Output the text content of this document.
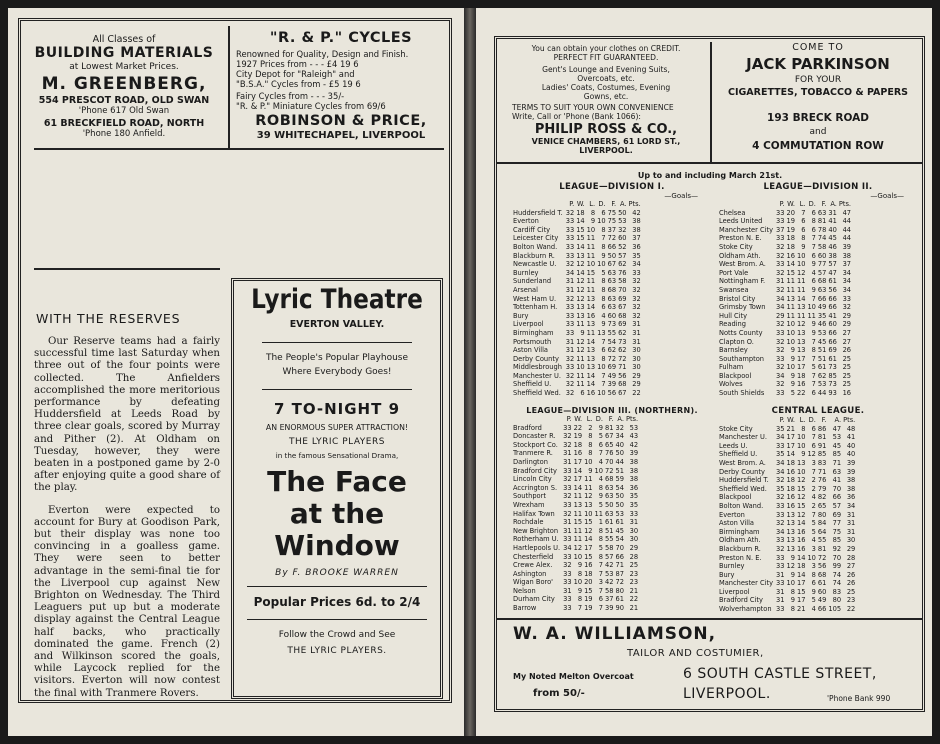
All Classes of
BUILDING MATERIALS
at Lowest Market Prices.
M. GREENBERG,
554 PRESCOT ROAD, OLD SWAN
'Phone 617 Old Swan
61 BRECKFIELD ROAD, NORTH
'Phone 180 Anfield.
"R. & P." CYCLES
Renowned for Quality, Design and Finish.
1927 Prices from - - - £4 19 6
City Depot for "Raleigh" and
"B.S.A." Cycles from - £5 19 6
Fairy Cycles from - - - 35/-
"R. & P." Miniature Cycles from 69/6
ROBINSON & PRICE,
39 WHITECHAPEL, LIVERPOOL
WITH THE RESERVES

Our Reserve teams had a fairly successful time last Saturday when three out of the four points were collected. The Anfielders accomplished the more meritorious performance by defeating Huddersfield at Leeds Road by three clear goals, scored by Murray and Pither (2). At Oldham on Tuesday, however, they were beaten in a postponed game by 2-0 after enjoying quite a good share of the play.

Everton were expected to account for Bury at Goodison Park, but their display was none too convincing in a goalless game. They were seen to better advantage in the semi-final tie for the Liverpool cup against New Brighton on Wednesday. The Third Leaguers put up but a moderate display against the Central League half backs, who practically dominated the game. French (2) and Wilkinson scored the goals, while Laycock replied for the visitors. Everton will now contest the final with Tranmere Rovers.

Lyric Theatre
EVERTON VALLEY.
The People's Popular Playhouse
Where Everybody Goes!
7 TO-NIGHT 9
AN ENORMOUS SUPER ATTRACTION!
THE LYRIC PLAYERS
in the famous Sensational Drama,
The Face
at the
Window
By F. BROOKE WARREN
Popular Prices 6d. to 2/4
Follow the Crowd and See
THE LYRIC PLAYERS.
You can obtain your clothes on CREDIT.
PERFECT FIT GUARANTEED.
Gent's Lounge and Evening Suits,
Overcoats, etc.
Ladies' Coats, Costumes, Evening
Gowns, etc.
TERMS TO SUIT YOUR OWN CONVENIENCE
Write, Call or 'Phone (Bank 1066):
PHILIP ROSS & CO.,
VENICE CHAMBERS, 61 LORD ST.,
LIVERPOOL.
COME TO
JACK PARKINSON
FOR YOUR
CIGARETTES, TOBACCO & PAPERS
193 BRECK ROAD
and
4 COMMUTATION ROW
Up to and including March 21st.
LEAGUE—DIVISION I.
—Goals—
	P.	W.	L.	D.	F.	A.	Pts.
Huddersfield T.	32	18	8	6	75	50	42
Everton	33	14	9	10	75	53	38
Cardiff City	33	15	10	8	37	32	38
Leicester City	33	15	11	7	72	60	37
Bolton Wand.	33	14	11	8	66	52	36
Blackburn R.	33	13	11	9	50	57	35
Newcastle U.	32	12	10	10	67	62	34
Burnley	34	14	15	5	63	76	33
Sunderland	31	12	11	8	63	58	32
Arsenal	31	12	11	8	68	70	32
West Ham U.	32	12	13	8	63	69	32
Tottenham H.	33	13	14	6	63	67	32
Bury	33	13	16	4	60	68	32
Liverpool	33	11	13	9	73	69	31
Birmingham	33	9	11	13	55	62	31
Portsmouth	31	12	14	7	54	73	31
Aston Villa	31	12	13	6	62	62	30
Derby County	32	11	13	8	72	72	30
Middlesbrough	33	10	13	10	69	71	30
Manchester U.	32	11	14	7	49	56	29
Sheffield U.	32	11	14	7	39	68	29
Sheffield Wed.	32	6	16	10	56	67	22
LEAGUE—DIVISION II.
—Goals—
	P.	W.	L.	D.	F.	A.	Pts.
Chelsea	33	20	7	6	63	31	47
Leeds United	33	19	6	8	81	41	44
Manchester City	37	19	6	6	78	40	44
Preston N. E.	33	18	8	7	74	45	44
Stoke City	32	18	9	7	58	46	39
Oldham Ath.	32	16	10	6	60	38	38
West Brom. A.	33	14	10	9	77	57	37
Port Vale	32	15	12	4	57	47	34
Nottingham F.	31	11	11	6	68	61	34
Swansea	32	11	11	9	63	56	34
Bristol City	34	13	14	7	66	66	33
Grimsby Town	34	11	13	10	49	66	32
Hull City	29	11	11	11	35	41	29
Reading	32	10	12	9	46	60	29
Notts County	33	10	13	9	53	66	27
Clapton O.	32	10	13	7	45	66	27
Barnsley	32	9	13	8	51	69	26
Southampton	33	9	17	7	51	61	25
Fulham	32	10	17	5	61	73	25
Blackpool	34	9	18	7	62	85	25
Wolves	32	9	16	7	53	73	25
South Shields	33	5	22	6	44	93	16
LEAGUE—DIVISION III. (NORTHERN).
	P.	W.	L.	D.	F.	A.	Pts.
Bradford	33	22	2	9	81	32	53
Doncaster R.	32	19	8	5	67	34	43
Stockport Co.	32	18	8	6	65	40	42
Tranmere R.	31	16	8	7	76	50	39
Darlington	31	17	10	4	70	44	38
Bradford City	33	14	9	10	72	51	38
Lincoln City	32	17	11	4	68	59	38
Accrington S.	33	14	11	8	63	54	36
Southport	32	11	12	9	63	50	35
Wrexham	33	13	13	5	50	50	35
Halifax Town	32	11	10	11	63	53	33
Rochdale	31	15	15	1	61	61	31
New Brighton	31	11	12	8	51	45	30
Rotherham U.	33	11	14	8	55	54	30
Hartlepools U.	34	12	17	5	58	70	29
Chesterfield	33	10	15	8	57	66	28
Crewe Alex.	32	9	16	7	42	71	25
Ashington	33	8	18	7	53	87	23
Wigan Boro'	33	10	20	3	42	72	23
Nelson	31	9	15	7	58	80	21
Durham City	33	8	19	6	37	61	22
Barrow	33	7	19	7	39	90	21
CENTRAL LEAGUE.
	P.	W.	L.	D.	F.	A.	Pts.
Stoke City	35	21	8	6	86	47	48
Manchester U.	34	17	10	7	81	53	41
Leeds U.	33	17	10	6	91	45	40
Sheffield U.	35	14	9	12	85	85	40
West Brom. A.	34	18	13	3	83	71	39
Derby County	34	16	10	7	71	63	39
Huddersfield T.	32	18	12	2	76	41	38
Sheffield Wed.	35	18	15	2	79	70	38
Blackpool	32	16	12	4	82	66	36
Bolton Wand.	33	16	15	2	65	57	34
Everton	33	13	12	7	80	69	31
Aston Villa	32	13	14	5	84	77	31
Birmingham	34	13	16	5	64	75	31
Oldham Ath.	33	13	16	4	55	85	30
Blackburn R.	32	13	16	3	81	92	29
Preston N. E.	33	9	14	10	72	70	28
Burnley	33	12	18	3	56	99	27
Bury	31	9	14	8	68	74	26
Manchester City	33	10	17	6	61	74	26
Liverpool	31	8	15	9	60	83	25
Bradford City	31	9	17	5	49	80	23
Wolverhampton	33	8	21	4	66	105	22
W. A. WILLIAMSON,
TAILOR AND COSTUMIER,
My Noted Melton Overcoat
from 50/-
6 SOUTH CASTLE STREET,
LIVERPOOL.	'Phone Bank 990
